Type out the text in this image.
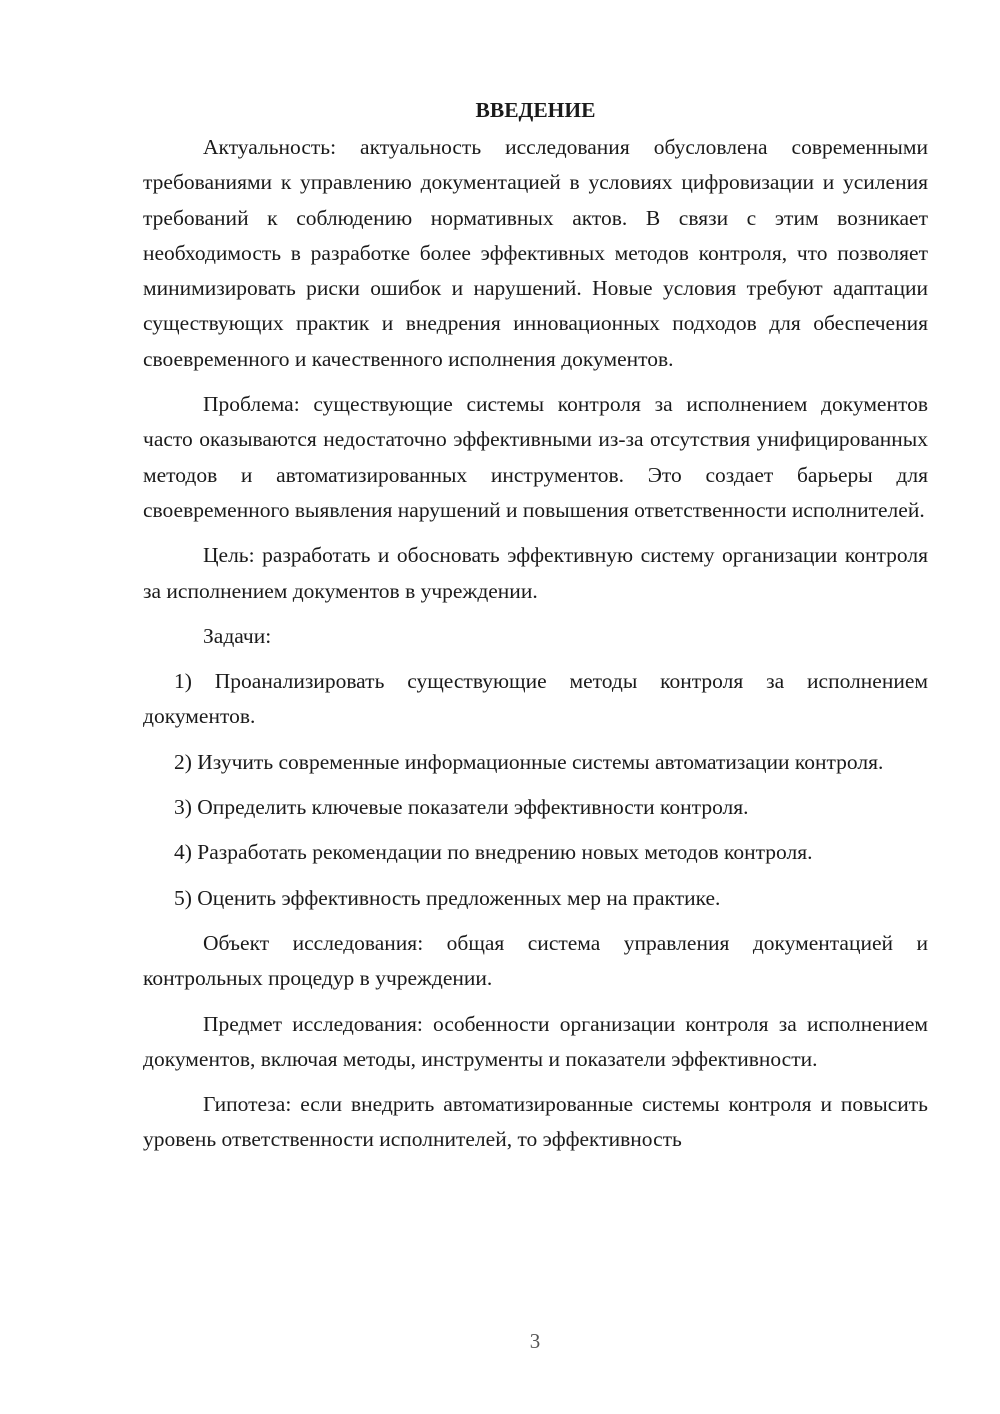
ВВЕДЕНИЕ

Актуальность: актуальность исследования обусловлена современными требованиями к управлению документацией в условиях цифровизации и усиления требований к соблюдению нормативных актов. В связи с этим возникает необходимость в разработке более эффективных методов контроля, что позволяет минимизировать риски ошибок и нарушений. Новые условия требуют адаптации существующих практик и внедрения инновационных подходов для обеспечения своевременного и качественного исполнения документов.

Проблема: существующие системы контроля за исполнением документов часто оказываются недостаточно эффективными из-за отсутствия унифицированных методов и автоматизированных инструментов. Это создает барьеры для своевременного выявления нарушений и повышения ответственности исполнителей.

Цель: разработать и обосновать эффективную систему организации контроля за исполнением документов в учреждении.

Задачи:

1) Проанализировать существующие методы контроля за исполнением документов.

2) Изучить современные информационные системы автоматизации контроля.

3) Определить ключевые показатели эффективности контроля.

4) Разработать рекомендации по внедрению новых методов контроля.

5) Оценить эффективность предложенных мер на практике.

Объект исследования: общая система управления документацией и контрольных процедур в учреждении.

Предмет исследования: особенности организации контроля за исполнением документов, включая методы, инструменты и показатели эффективности.

Гипотеза: если внедрить автоматизированные системы контроля и повысить уровень ответственности исполнителей, то эффективность

3
